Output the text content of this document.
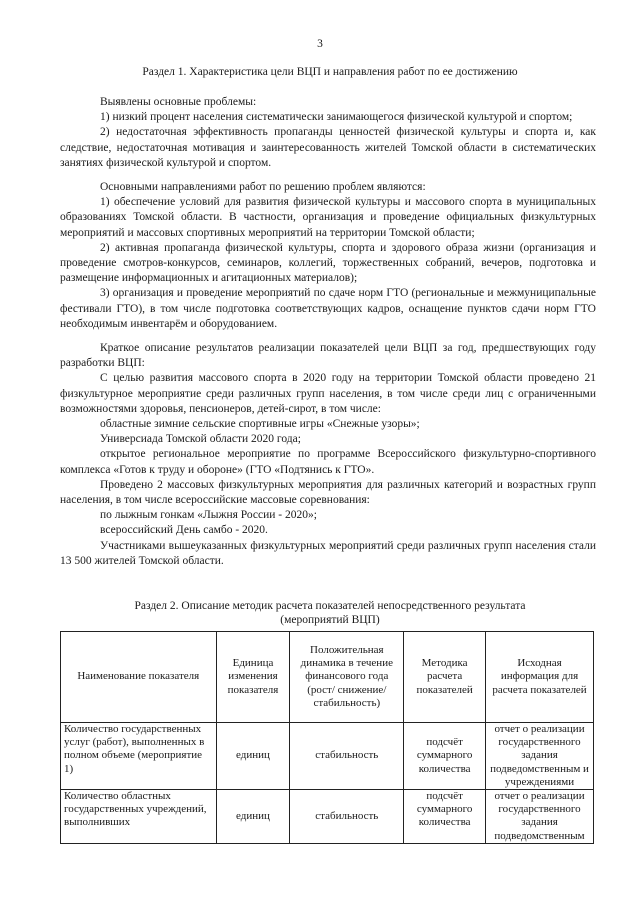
3
Раздел 1. Характеристика цели ВЦП и направления работ по ее достижению

Выявлены основные проблемы:

1) низкий процент населения систематически занимающегося физической культурой и спортом;

2) недостаточная эффективность пропаганды ценностей физической культуры и спорта и, как следствие, недостаточная мотивация и заинтересованность жителей Томской области в систематических занятиях физической культурой и спортом.

Основными направлениями работ по решению проблем являются:

1) обеспечение условий для развития физической культуры и массового спорта в муниципальных образованиях Томской области. В частности, организация и проведение официальных физкультурных мероприятий и массовых спортивных мероприятий на территории Томской области;

2) активная пропаганда физической культуры, спорта и здорового образа жизни (организация и проведение смотров-конкурсов, семинаров, коллегий, торжественных собраний, вечеров, подготовка и размещение информационных и агитационных материалов);

3) организация и проведение мероприятий по сдаче норм ГТО (региональные и межмуниципальные фестивали ГТО), в том числе подготовка соответствующих кадров, оснащение пунктов сдачи норм ГТО необходимым инвентарём и оборудованием.

Краткое описание результатов реализации показателей цели ВЦП за год, предшествующих году разработки ВЦП:

С целью развития массового спорта в 2020 году на территории Томской области проведено 21 физкультурное мероприятие среди различных групп населения, в том числе среди лиц с ограниченными возможностями здоровья, пенсионеров, детей-сирот, в том числе:

областные зимние сельские спортивные игры «Снежные узоры»;

Универсиада Томской области 2020 года;

открытое региональное мероприятие по программе Всероссийского физкультурно-спортивного комплекса «Готов к труду и обороне» (ГТО «Подтянись к ГТО».

Проведено 2 массовых физкультурных мероприятия для различных категорий и возрастных групп населения, в том числе всероссийские массовые соревнования:

по лыжным гонкам «Лыжня России - 2020»;

всероссийский День самбо - 2020.

Участниками вышеуказанных физкультурных мероприятий среди различных групп населения стали 13 500 жителей Томской области.

Раздел 2. Описание методик расчета показателей непосредственного результата
(мероприятий ВЦП)
Наименование показателя	Единица изменения показателя	Положительная динамика в течение финансового года (рост/ снижение/ стабильность)	Методика расчета показателей	Исходная информация для расчета показателей
Количество государственных услуг (работ), выполненных в полном объеме (мероприятие 1)	единиц	стабильность	подсчёт суммарного количества	отчет о реализации государственного задания подведомственным и учреждениями
Количество областных государственных учреждений, выполнивших	единиц	стабильность	подсчёт суммарного количества	отчет о реализации государственного задания подведомственным
